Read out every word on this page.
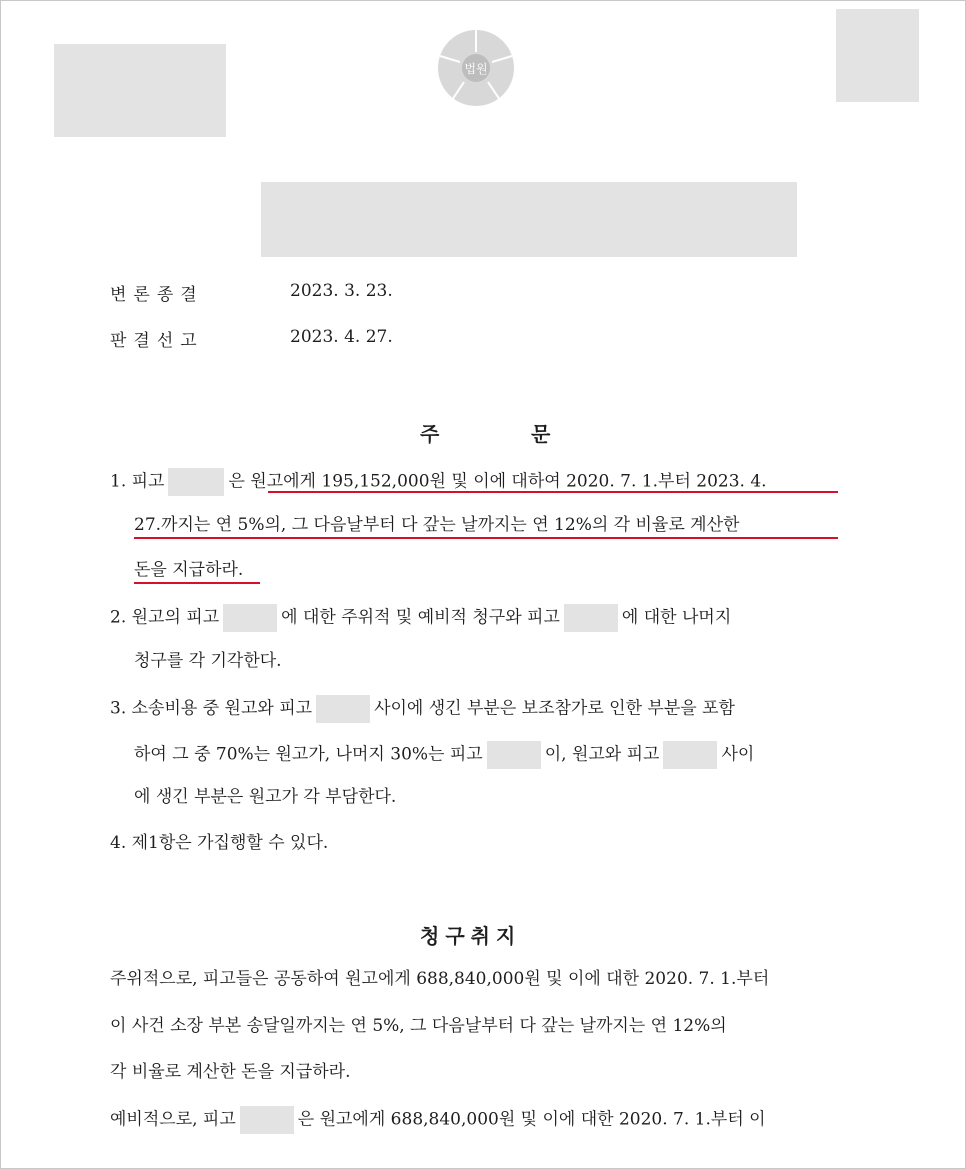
법원
변론종결	2023. 3. 23.
판결선고	2023. 4. 27.
주          문
1. 피고	은 원고에게 195,152,000원 및 이에 대하여 2020. 7. 1.부터 2023. 4.
27.까지는 연 5%의, 그 다음날부터 다 갚는 날까지는 연 12%의 각 비율로 계산한
돈을 지급하라.
2. 원고의 피고	에 대한 주위적 및 예비적 청구와 피고	에 대한 나머지
청구를 각 기각한다.
3. 소송비용 중 원고와 피고	사이에 생긴 부분은 보조참가로 인한 부분을 포함
하여 그 중 70%는 원고가, 나머지 30%는 피고	이, 원고와 피고	사이
에 생긴 부분은 원고가 각 부담한다.
4. 제1항은 가집행할 수 있다.
청구취지
주위적으로, 피고들은 공동하여 원고에게 688,840,000원 및 이에 대한 2020. 7. 1.부터
이 사건 소장 부본 송달일까지는 연 5%, 그 다음날부터 다 갚는 날까지는 연 12%의
각 비율로 계산한 돈을 지급하라.
예비적으로, 피고	은 원고에게 688,840,000원 및 이에 대한 2020. 7. 1.부터 이
